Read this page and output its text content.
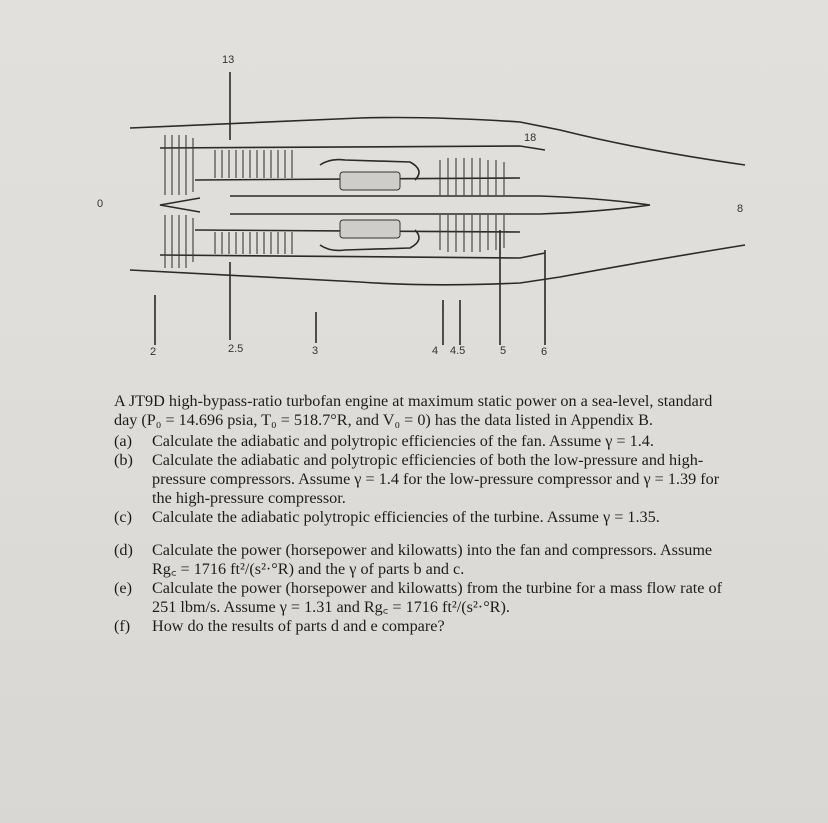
13
18
0	8
2	2.5	3	4 4.5	5	6

A JT9D high-bypass-ratio turbofan engine at maximum static power on a sea-level, standard day (P₀ = 14.696 psia, T₀ = 518.7°R, and V₀ = 0) has the data listed in Appendix B.

(a) Calculate the adiabatic and polytropic efficiencies of the fan. Assume γ = 1.4.
(b) Calculate the adiabatic and polytropic efficiencies of both the low-pressure and high-pressure compressors. Assume γ = 1.4 for the low-pressure compressor and γ = 1.39 for the high-pressure compressor.
(c) Calculate the adiabatic polytropic efficiencies of the turbine. Assume γ = 1.35.
(d) Calculate the power (horsepower and kilowatts) into the fan and compressors. Assume Rg꜀ = 1716 ft²/(s²·°R) and the γ of parts b and c.
(e) Calculate the power (horsepower and kilowatts) from the turbine for a mass flow rate of 251 lbm/s. Assume γ = 1.31 and Rg꜀ = 1716 ft²/(s²·°R).
(f) How do the results of parts d and e compare?
